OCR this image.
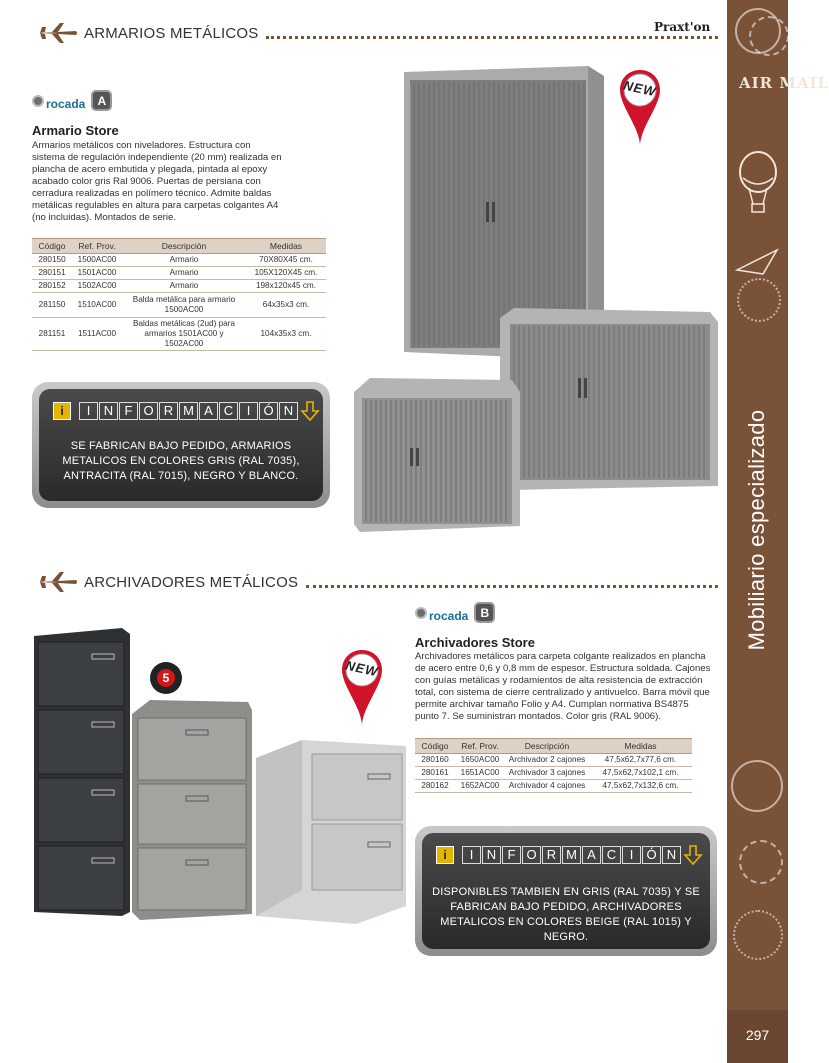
AIR MAIL
Mobiliario especializado
297
ARMARIOS METÁLICOS	Praxt'on
rocada	A
Armario Store
Armarios metálicos con niveladores. Estructura con sistema de regulación independiente (20 mm) realizada en plancha de acero embutida y plegada, pintada al epoxy acabado color gris Ral 9006. Puertas de persiana con cerradura realizadas en polímero técnico. Admite baldas metálicas regulables en altura para carpetas colgantes A4 (no incluidas). Montados de serie.
Código	Ref. Prov.	Descripción	Medidas
280150	1500AC00	Armario	70X80X45 cm.
280151	1501AC00	Armario	105X120X45 cm.
280152	1502AC00	Armario	198x120x45 cm.
281150	1510AC00	Balda metálica para armario 1500AC00	64x35x3 cm.
281151	1511AC00	Baldas metálicas (2ud) para armarios 1501AC00 y 1502AC00	104x35x3 cm.
i	I	N F O R M A C	I	Ó N
SE FABRICAN BAJO PEDIDO, ARMARIOS METALICOS EN COLORES GRIS (RAL 7035), ANTRACITA (RAL 7015), NEGRO Y BLANCO.
NEW
ARCHIVADORES METÁLICOS
rocada	B
Archivadores Store
Archivadores metálicos para carpeta colgante realizados en plancha de acero entre 0,6 y 0,8 mm de espesor. Estructura soldada. Cajones con guías metálicas y rodamientos de alta resistencia de extracción total, con sistema de cierre centralizado y antivuelco. Barra móvil que permite archivar tamaño Folio y A4. Cumplan normativa BS4875 punto 7. Se suministran montados. Color gris (RAL 9006).
Código	Ref. Prov.	Descripción	Medidas
280160	1650AC00	Archivador 2 cajones	47,5x62,7x77,6 cm.
280161	1651AC00	Archivador 3 cajones	47,5x62,7x102,1 cm.
280162	1652AC00	Archivador 4 cajones	47,5x62,7x132,6 cm.
i	I	N F O R M A C	I	Ó N
DISPONIBLES TAMBIEN EN GRIS (RAL 7035) Y SE FABRICAN BAJO PEDIDO, ARCHIVADORES METALICOS EN COLORES BEIGE (RAL 1015) Y NEGRO.
5	NEW
